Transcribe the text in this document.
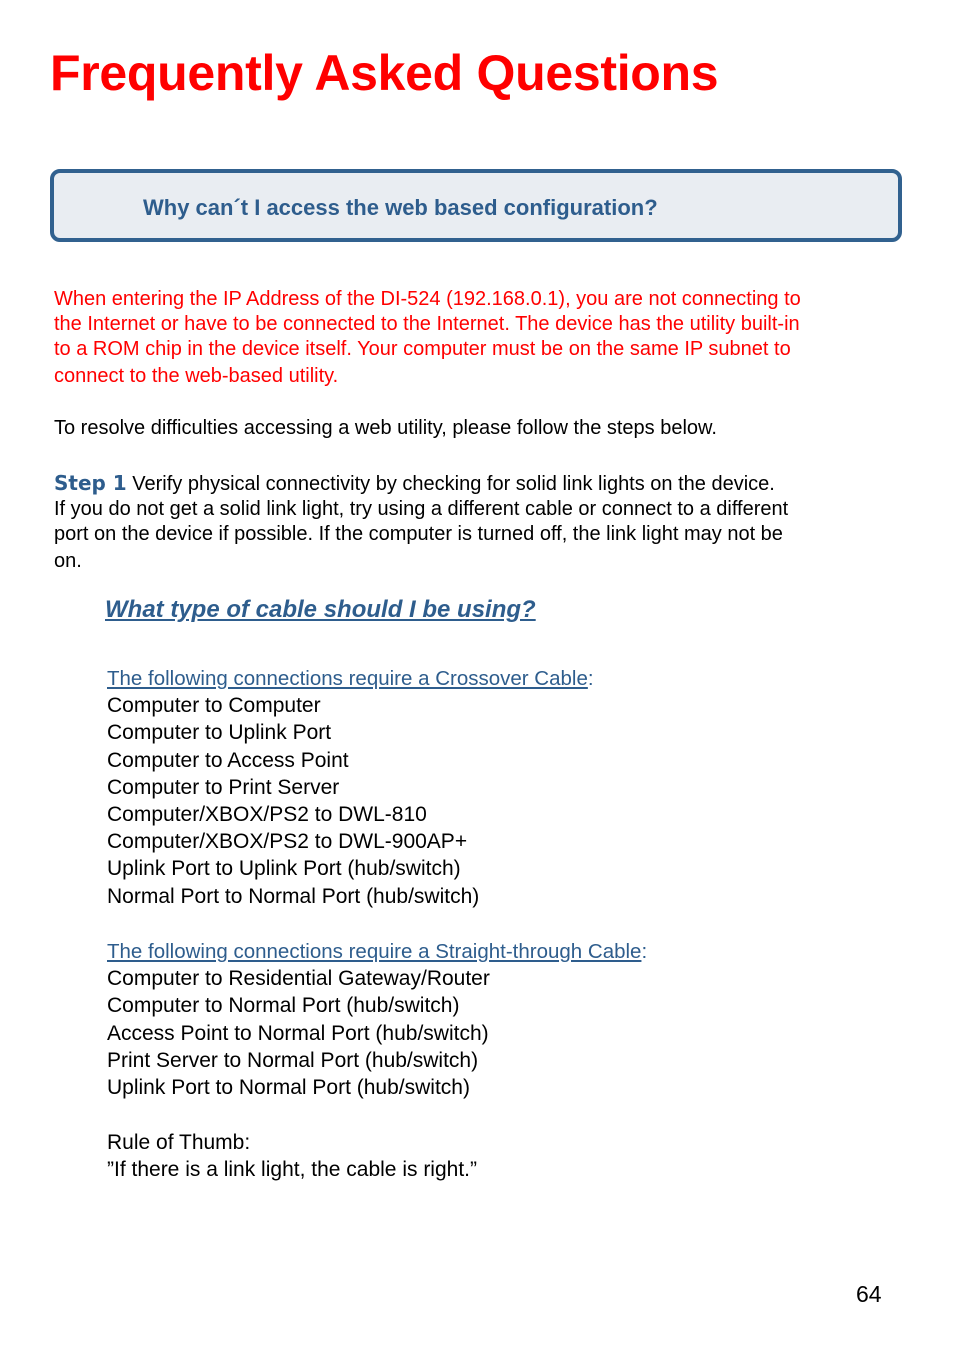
Frequently Asked Questions
Why can´t I access the web based configuration?

When entering the IP Address of the DI-524 (192.168.0.1), you are not connecting to
the Internet or have to be connected to the Internet. The device has the utility built-in
to a ROM chip in the device itself. Your computer must be on the same IP subnet to

connect to the web-based utility.

To resolve difficulties accessing a web utility, please follow the steps below.

Step 1 Verify physical connectivity by checking for solid link lights on the device.
If you do not get a solid link light, try using a different cable or connect to a different
port on the device if possible. If the computer is turned off, the link light may not be

on.

What type of cable should I be using?
The following connections require a Crossover Cable:
Computer to Computer
Computer to Uplink Port
Computer to Access Point
Computer to Print Server
Computer/XBOX/PS2 to DWL-810
Computer/XBOX/PS2 to DWL-900AP+
Uplink Port to Uplink Port (hub/switch)
Normal Port to Normal Port (hub/switch)
The following connections require a Straight-through Cable:
Computer to Residential Gateway/Router
Computer to Normal Port (hub/switch)
Access Point to Normal Port (hub/switch)
Print Server to Normal Port (hub/switch)
Uplink Port to Normal Port (hub/switch)
Rule of Thumb:
”If there is a link light, the cable is right.”
64
